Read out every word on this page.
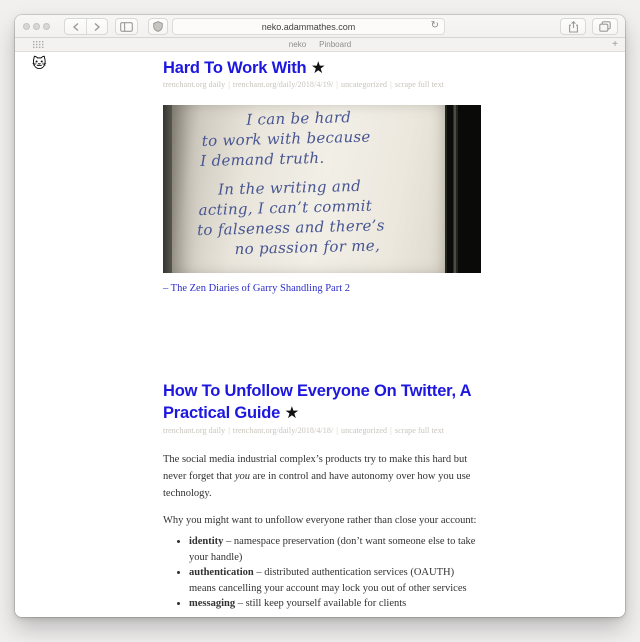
neko.adammathes.com	↻
neko Pinboard	+
🐱	Hard To Work With ★
trenchant.org daily | trenchant.org/daily/2018/4/19/ | uncategorized | scrape full text
I can be hard
to work with because
I demand truth.
In the writing and
acting, I can’t commit
to falseness and there’s
no passion for me,
– The Zen Diaries of Garry Shandling Part 2
How To Unfollow Everyone On Twitter, A Practical Guide ★
trenchant.org daily | trenchant.org/daily/2018/4/18/ | uncategorized | scrape full text

The social media industrial complex’s products try to make this hard but never forget that you are in control and have autonomy over how you use technology.

Why you might want to unfollow everyone rather than close your account:

• identity – namespace preservation (don’t want someone else to take your handle)
• authentication – distributed authentication services (OAUTH) means cancelling your account may lock you out of other services
• messaging – still keep yourself available for clients
